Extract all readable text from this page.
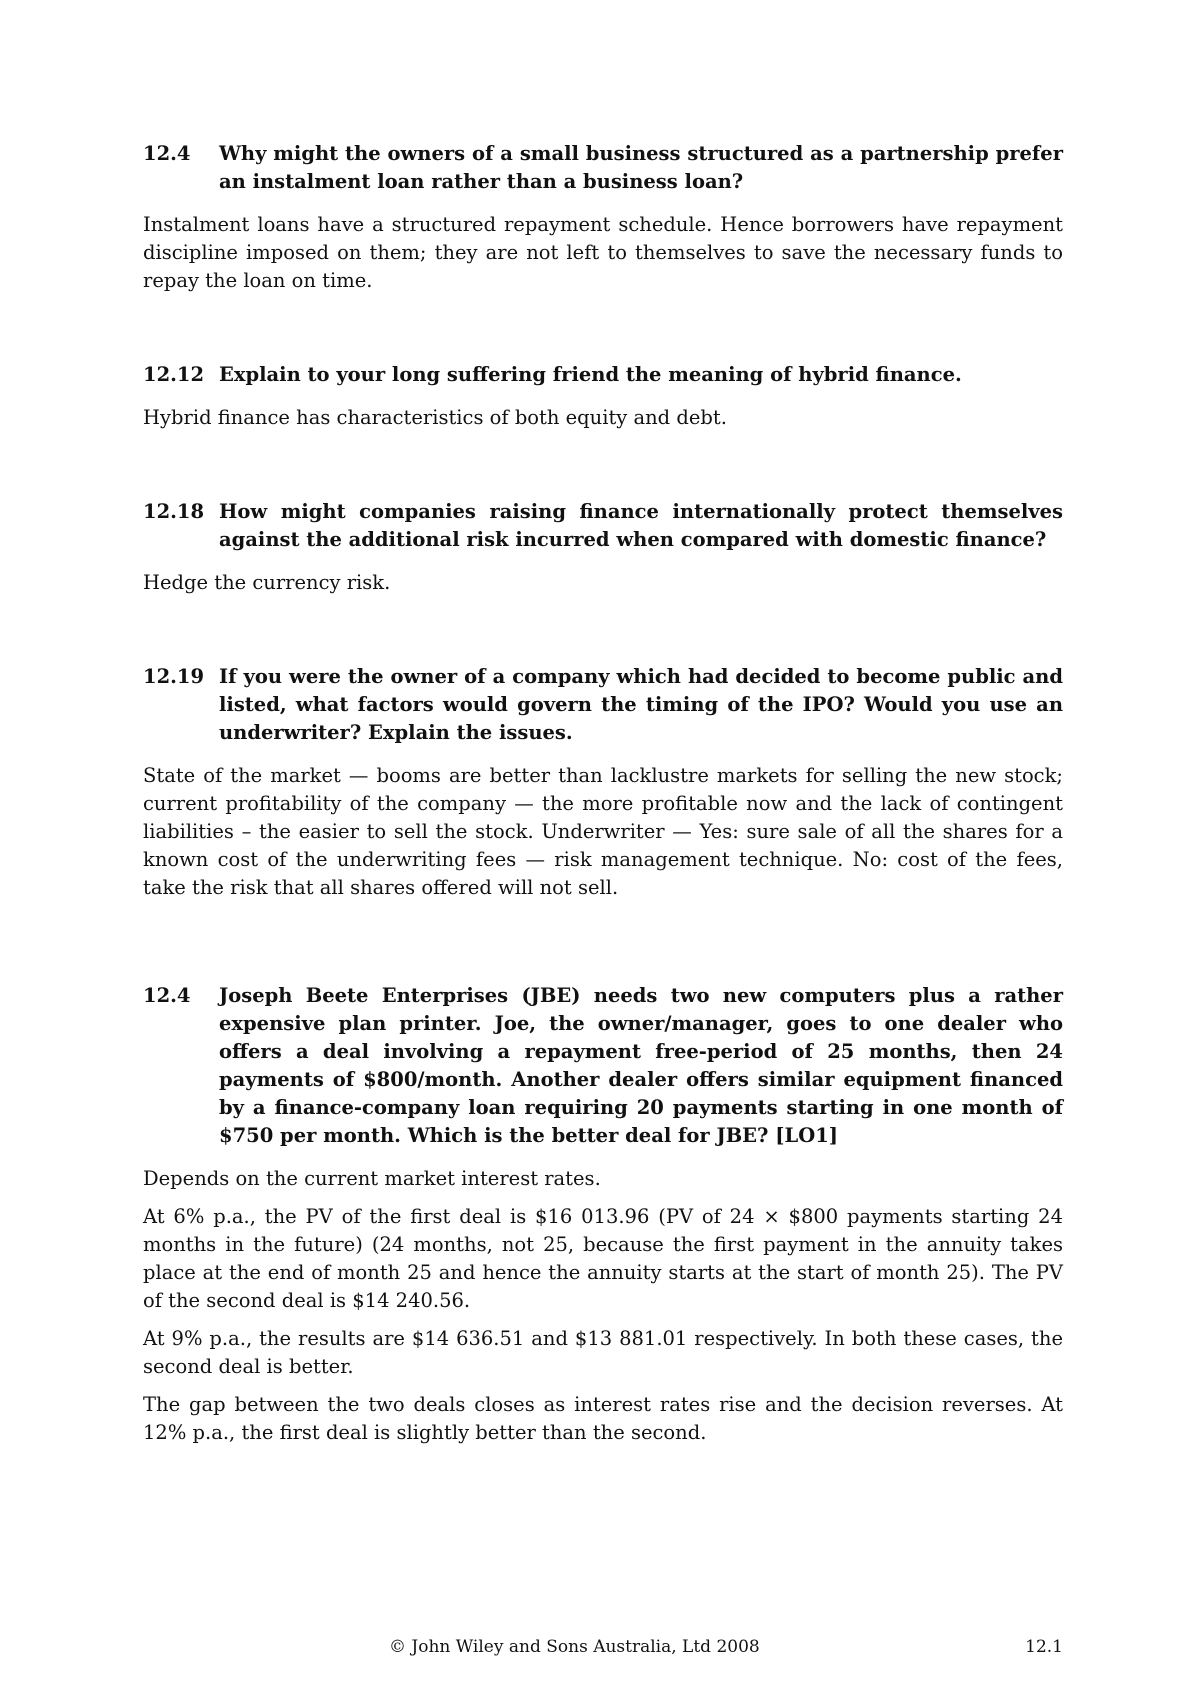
12.4	Why might the owners of a small business structured as a partnership prefer an instalment loan rather than a business loan?

Instalment loans have a structured repayment schedule. Hence borrowers have repayment discipline imposed on them; they are not left to themselves to save the necessary funds to repay the loan on time.

12.12 Explain to your long suffering friend the meaning of hybrid finance.

Hybrid finance has characteristics of both equity and debt.

12.18 How might companies raising finance internationally protect themselves against the additional risk incurred when compared with domestic finance?

Hedge the currency risk.

12.19 If you were the owner of a company which had decided to become public and listed, what factors would govern the timing of the IPO? Would you use an underwriter? Explain the issues.

State of the market — booms are better than lacklustre markets for selling the new stock; current profitability of the company — the more profitable now and the lack of contingent liabilities – the easier to sell the stock. Underwriter — Yes: sure sale of all the shares for a known cost of the underwriting fees — risk management technique. No: cost of the fees, take the risk that all shares offered will not sell.

12.4	Joseph Beete Enterprises (JBE) needs two new computers plus a rather expensive plan printer. Joe, the owner/manager, goes to one dealer who offers a deal involving a repayment free-period of 25 months, then 24 payments of $800/month. Another dealer offers similar equipment financed by a finance-company loan requiring 20 payments starting in one month of $750 per month. Which is the better deal for JBE? [LO1]

Depends on the current market interest rates.

At 6% p.a., the PV of the first deal is $16 013.96 (PV of 24 × $800 payments starting 24 months in the future) (24 months, not 25, because the first payment in the annuity takes place at the end of month 25 and hence the annuity starts at the start of month 25). The PV of the second deal is $14 240.56.

At 9% p.a., the results are $14 636.51 and $13 881.01 respectively. In both these cases, the second deal is better.

The gap between the two deals closes as interest rates rise and the decision reverses. At 12% p.a., the first deal is slightly better than the second.

© John Wiley and Sons Australia, Ltd 2008	12.1
